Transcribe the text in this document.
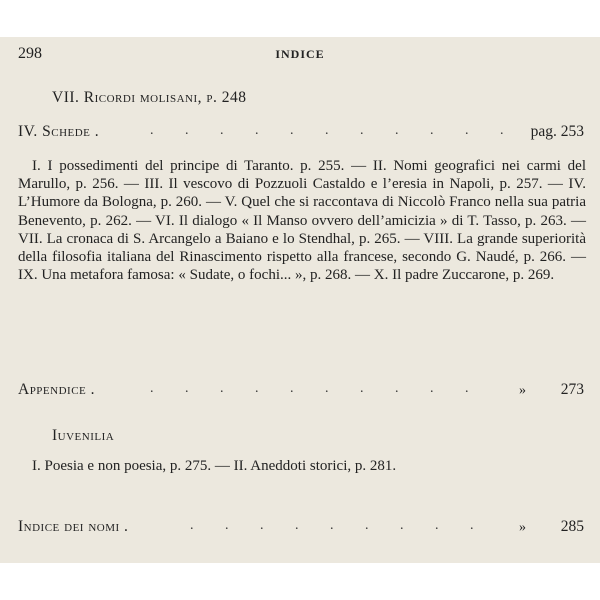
298	INDICE
VII. Ricordi molisani, p. 248
IV. Schede .	. . . . . . . . . . . pag. 253
I. I possedimenti del principe di Taranto. p. 255. — II. Nomi geografici nei carmi del Marullo, p. 256. — III. Il vescovo di Pozzuoli Castaldo e l’eresia in Napoli, p. 257. — IV. L’Humore da Bologna, p. 260. — V. Quel che si raccontava di Niccolò Franco nella sua patria Benevento, p. 262. — VI. Il dialogo « Il Manso ovvero dell’amicizia » di T. Tasso, p. 263. — VII. La cronaca di S. Arcangelo a Baiano e lo Stendhal, p. 265. — VIII. La grande superiorità della filosofia italiana del Rinascimento rispetto alla francese, secondo G. Naudé, p. 266. — IX. Una metafora famosa: « Sudate, o fochi... », p. 268. — X. Il padre Zuccarone, p. 269.
Appendice .	. . . . . . . . . .	» 273
Iuvenilia
I. Poesia e non poesia, p. 275. — II. Aneddoti storici, p. 281.
Indice dei nomi .	. . . . . . . . . » 285
